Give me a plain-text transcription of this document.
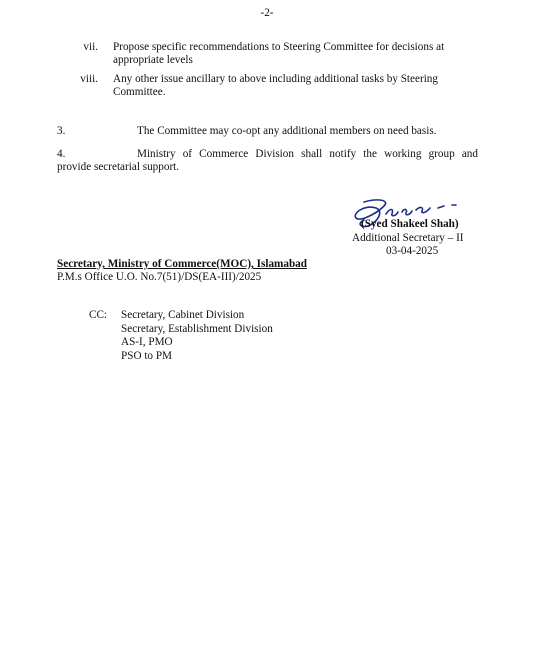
-2-
vii. Propose specific recommendations to Steering Committee for decisions at appropriate levels
viii. Any other issue ancillary to above including additional tasks by Steering Committee.
3.	The Committee may co-opt any additional members on need basis.
4.	Ministry of Commerce Division shall notify the working group and
provide secretarial support.
(Syed Shakeel Shah)
Additional Secretary – II
03-04-2025
Secretary, Ministry of Commerce(MOC), Islamabad
P.M.s Office U.O. No.7(51)/DS(EA-III)/2025
CC: Secretary, Cabinet Division
Secretary, Establishment Division
AS-I, PMO
PSO to PM
